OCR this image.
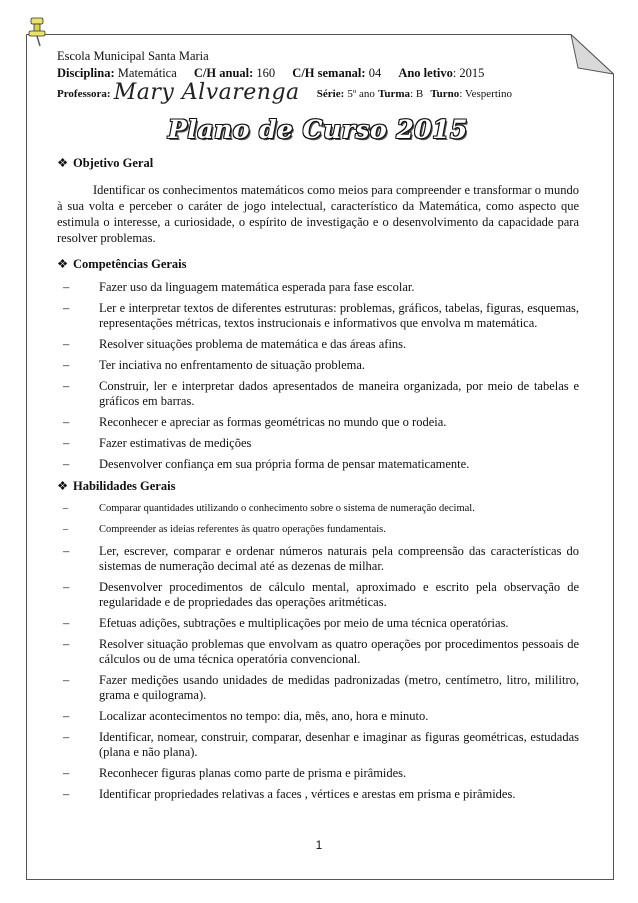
Escola Municipal Santa Maria
Disciplina: Matemática C/H anual: 160 C/H semanal: 04 Ano letivo: 2015
Professora: Mary Alvarenga Série: 5º ano Turma: B Turno: Vespertino
Plano de Curso 2015
❖ Objetivo Geral
Identificar os conhecimentos matemáticos como meios para compreender e transformar o mundo à sua volta e perceber o caráter de jogo intelectual, característico da Matemática, como aspecto que estimula o interesse, a curiosidade, o espírito de investigação e o desenvolvimento da capacidade para resolver problemas.
❖ Competências Gerais
– Fazer uso da linguagem matemática esperada para fase escolar.
– Ler e interpretar textos de diferentes estruturas: problemas, gráficos, tabelas, figuras, esquemas, representações métricas, textos instrucionais e informativos que envolva m matemática.
– Resolver situações problema de matemática e das áreas afins.
– Ter inciativa no enfrentamento de situação problema.
– Construir, ler e interpretar dados apresentados de maneira organizada, por meio de tabelas e gráficos em barras.
– Reconhecer e apreciar as formas geométricas no mundo que o rodeia.
– Fazer estimativas de medições
– Desenvolver confiança em sua própria forma de pensar matematicamente.
❖ Habilidades Gerais
–	Comparar quantidades utilizando o conhecimento sobre o sistema de numeração decimal.
–	Compreender as ideias referentes às quatro operações fundamentais.
– Ler, escrever, comparar e ordenar números naturais pela compreensão das características do sistemas de numeração decimal até as dezenas de milhar.
– Desenvolver procedimentos de cálculo mental, aproximado e escrito pela observação de regularidade e de propriedades das operações aritméticas.
– Efetuas adições, subtrações e multiplicações por meio de uma técnica operatórias.
– Resolver situação problemas que envolvam as quatro operações por procedimentos pessoais de cálculos ou de uma técnica operatória convencional.
– Fazer medições usando unidades de medidas padronizadas (metro, centímetro, litro, mililitro, grama e quilograma).
– Localizar acontecimentos no tempo: dia, mês, ano, hora e minuto.
– Identificar, nomear, construir, comparar, desenhar e imaginar as figuras geométricas, estudadas (plana e não plana).
– Reconhecer figuras planas como parte de prisma e pirâmides.
– Identificar propriedades relativas a faces , vértices e arestas em prisma e pirâmides.
1
